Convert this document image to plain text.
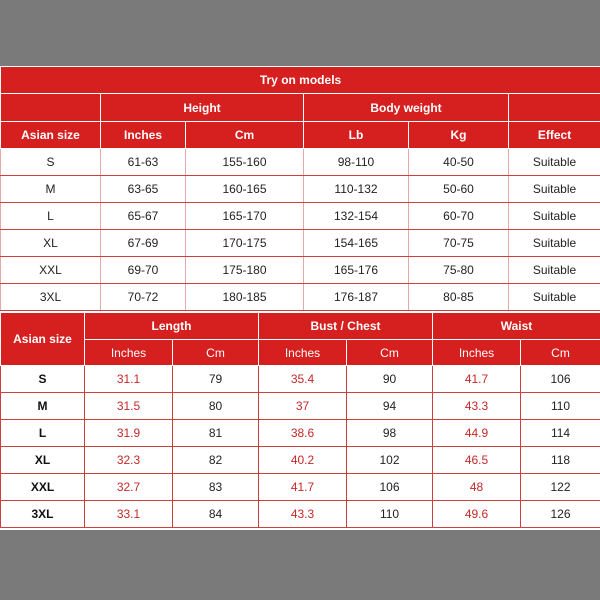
Try on models					
	Height		Body weight		
Asian size	Inches	Cm	Lb	Kg	Effect
S	61-63	155-160	98-110	40-50	Suitable
M	63-65	160-165	110-132	50-60	Suitable
L	65-67	165-170	132-154	60-70	Suitable
XL	67-69	170-175	154-165	70-75	Suitable
XXL	69-70	175-180	165-176	75-80	Suitable
3XL	70-72	180-185	176-187	80-85	Suitable
Asian size	Length		Bust / Chest		Waist	
	Inches	Cm	Inches	Cm	Inches	Cm
S	31.1	79	35.4	90	41.7	106
M	31.5	80	37	94	43.3	110
L	31.9	81	38.6	98	44.9	114
XL	32.3	82	40.2	102	46.5	118
XXL	32.7	83	41.7	106	48	122
3XL	33.1	84	43.3	110	49.6	126
